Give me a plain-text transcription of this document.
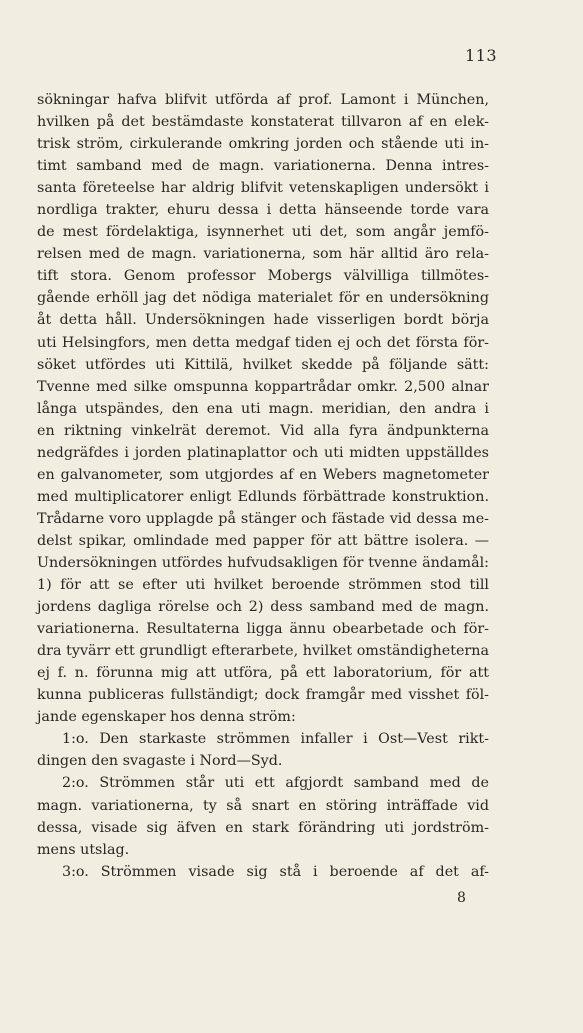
113
sökningar hafva blifvit utförda af prof. Lamont i München,
hvilken på det bestämdaste konstaterat tillvaron af en elek-
trisk ström, cirkulerande omkring jorden och stående uti in-
timt samband med de magn. variationerna. Denna intres-
santa företeelse har aldrig blifvit vetenskapligen undersökt i
nordliga trakter, ehuru dessa i detta hänseende torde vara
de mest fördelaktiga, isynnerhet uti det, som angår jemfö-
relsen med de magn. variationerna, som här alltid äro rela-
tift stora. Genom professor Mobergs välvilliga tillmötes-
gående erhöll jag det nödiga materialet för en undersökning
åt detta håll. Undersökningen hade visserligen bordt börja
uti Helsingfors, men detta medgaf tiden ej och det första för-
söket utfördes uti Kittilä, hvilket skedde på följande sätt:
Tvenne med silke omspunna koppartrådar omkr. 2,500 alnar
långa utspändes, den ena uti magn. meridian, den andra i
en riktning vinkelrät deremot. Vid alla fyra ändpunkterna
nedgräfdes i jorden platinaplattor och uti midten uppställdes
en galvanometer, som utgjordes af en Webers magnetometer
med multiplicatorer enligt Edlunds förbättrade konstruktion.
Trådarne voro upplagde på stänger och fästade vid dessa me-
delst spikar, omlindade med papper för att bättre isolera. —
Undersökningen utfördes hufvudsakligen för tvenne ändamål:
1) för att se efter uti hvilket beroende strömmen stod till
jordens dagliga rörelse och 2) dess samband med de magn.
variationerna. Resultaterna ligga ännu obearbetade och för-
dra tyvärr ett grundligt efterarbete, hvilket omständigheterna
ej f. n. förunna mig att utföra, på ett laboratorium, för att
kunna publiceras fullständigt; dock framgår med visshet föl-
jande egenskaper hos denna ström:
1:o. Den starkaste strömmen infaller i Ost—Vest rikt-
dingen den svagaste i Nord—Syd.
2:o. Strömmen står uti ett afgjordt samband med de
magn. variationerna, ty så snart en störing inträffade vid
dessa, visade sig äfven en stark förändring uti jordström-
mens utslag.
3:o. Strömmen visade sig stå i beroende af det af-
8
